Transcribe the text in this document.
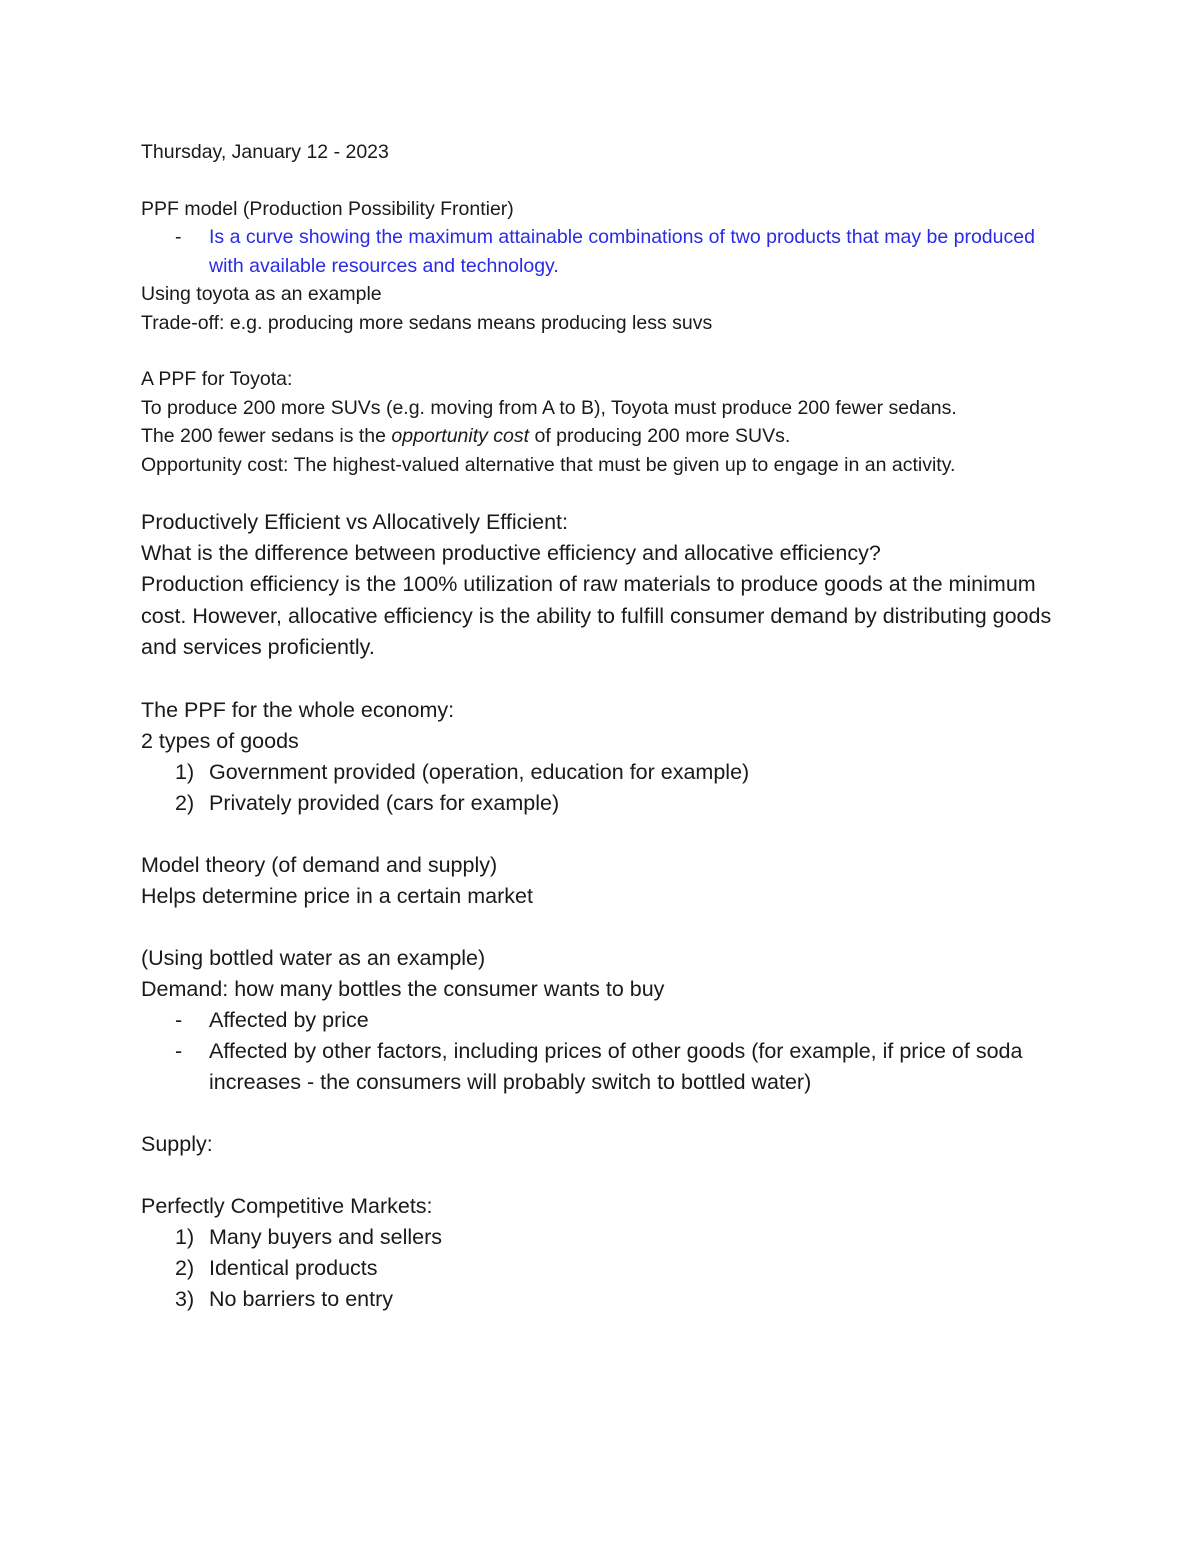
Thursday, January 12 - 2023
PPF model (Production Possibility Frontier)
-	Is a curve showing the maximum attainable combinations of two products that may be produced with available resources and technology.
Using toyota as an example
Trade-off: e.g. producing more sedans means producing less suvs
A PPF for Toyota:
To produce 200 more SUVs (e.g. moving from A to B), Toyota must produce 200 fewer sedans.
The 200 fewer sedans is the opportunity cost of producing 200 more SUVs.
Opportunity cost: The highest-valued alternative that must be given up to engage in an activity.
Productively Efficient vs Allocatively Efficient:
What is the difference between productive efficiency and allocative efficiency?
Production efficiency is the 100% utilization of raw materials to produce goods at the minimum cost. However, allocative efficiency is the ability to fulfill consumer demand by distributing goods and services proficiently.
The PPF for the whole economy:
2 types of goods
1) Government provided (operation, education for example)
2) Privately provided (cars for example)
Model theory (of demand and supply)
Helps determine price in a certain market
(Using bottled water as an example)
Demand: how many bottles the consumer wants to buy
-	Affected by price
-	Affected by other factors, including prices of other goods (for example, if price of soda increases - the consumers will probably switch to bottled water)
Supply:
Perfectly Competitive Markets:
1) Many buyers and sellers
2) Identical products
3) No barriers to entry
